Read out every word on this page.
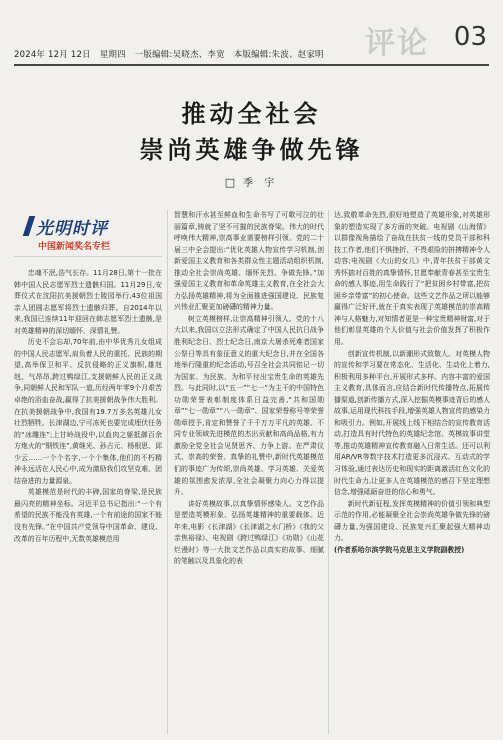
2024年 12月 12日 星期四 一版编辑:吴晓杰、李宽 本版编辑:朱波、赵家明 评论 03
推动全社会
崇尚英雄争做先锋
□ 季 宇
光明时评
中国新闻奖名专栏

忠魂不泯,浩气长存。11月28日,第十一批在韩中国人民志愿军烈士遗骸归国。11月29日,安葬仪式在沈阳抗美援朝烈士陵园举行,43位祖国亲人团圆志愿军将烈士遗骸归葬。自2014年以来,我国已连续11年迎回在韩志愿军烈士遗骸,是对英雄精神的深切缅怀、深情礼赞。

历史不会忘却,70年前,由中华优秀儿女组成的中国人民志愿军,肩负着人民的重托、民族的期望,高举保卫和平、反抗侵略的正义旗帜,雄赳赳、气昂昂,跨过鸭绿江,支援朝鲜人民的正义战争,同朝鲜人民和军队一道,历经两年零9个月艰苦卓绝的浴血奋战,赢得了抗美援朝战争伟大胜利。在抗美援朝战争中,我国有19.7万多名英雄儿女壮烈牺牲。长津湖边,宁可冻死也要完成埋伏任务的“冰雕连”;上甘岭战役中,以血肉之躯抵御百余方炮火的“钢铁连”,黄继光、孙占元、杨根思、邱少云……一个个名字,一个个集体,他们的不朽精神永远活在人民心中,成为激励我们攻坚克难、团结奋进的力量源泉。

英雄模范是时代的丰碑,国家的脊梁,是民族最闪亮的精神坐标。习近平总书记指出:“一个有希望的民族不能没有英雄,一个有前途的国家不能没有先锋。”在中国共产党领导中国革命、建设、改革的百年历程中,无数英雄模范用

智慧和汗水甚至鲜血和生命书写了可歌可泣的壮丽篇章,铸就了坚不可摧的民族脊梁。伟大的时代呼唤伟大精神,崇高事业需要榜样引领。党的二十届三中全会提出:“优化英雄人物宣传学习机制,创新爱国主义教育和各类群众性主题活动组织机制,推动全社会崇尚英雄、缅怀先烈、争做先锋。”加强爱国主义教育和革命英雄主义教育,在全社会大力弘扬英雄精神,将为全面推进强国建设、民族复兴伟业汇聚更加磅礴的精神力量。

树立英模榜样,让崇高精神引领人。党的十八大以来,我国以立法形式确定了中国人民抗日战争胜利纪念日、烈士纪念日,南京大屠杀死难者国家公祭日等具有象征意义的重大纪念日,并在全国各地举行隆重的纪念活动,号召全社会共同铭记一切为国家、为民族、为和平付出宝贵生命的英雄先烈。与此同时,以“五一”“七一”为主干的中国特色功勋荣誉表彰制度体系日益完善,“共和国勋章”“七一勋章”“八一勋章”、国家荣誉称号等荣誉勋章授予,肯定和赞誉了千千万万平凡的英雄、不同专业领域先进模范的杰出贡献和高尚品格,有力激励全党全社会见贤思齐、力争上游。在严肃仪式、崇高的荣誉、真挚的礼赞中,新时代英雄模范们的事迹广为传颂,崇尚英雄、学习英雄、关爱英雄的氛围愈发浓厚,全社会凝聚力向心力得以提升。

讲好英模故事,以真挚情怀感染人。文艺作品是塑造英模形象、弘扬英雄精神的重要载体。近年来,电影《长津湖》《长津湖之水门桥》《我的父亲焦裕禄》、电视剧《跨过鸭绿江》《功勋》《山花烂漫时》等一大批文艺作品以真实的故事、细腻的笔触以及具象化的表

达,致敬革命先烈,很好地塑造了英雄形象,对英雄形象的塑造实现了多方面的突破。电视剧《山海情》以群像视角描绘了奋战在扶贫一线的党员干部和科技工作者,他们不惧挫折、不畏艰险的拼搏精神令人动容;电视剧《大山的女儿》中,青年扶贫干部黄文秀怀揣对百姓的真挚情怀,甘愿奉献青春甚至宝贵生命的感人事迹,用生命践行了“把贫困乡村带富,把贫困乡亲带富”的初心使命。这些文艺作品之所以能够赢得广泛好评,就在于真实表现了英雄模范的崇高精神与人格魅力,对知情者更是一种宝贵精神财富,对于他们彰显英雄的个人价值与社会价值发挥了积极作用。

创新宣传机制,以新潮形式致敬人。对英模人物的宣传和学习要在常态化、生活化、生动化上着力,积极利用多种平台,开展形式多样、内容丰富的爱国主义教育,具体而言,应结合新时代传播特点,拓展传播渠道,创新传播方式,深入挖掘英模事迹背后的感人故事,运用现代科技手段,增强英雄人物宣传的感染力和吸引力。例如,开展线上线下相结合的宣传教育活动,打造具有时代特色的英雄纪念馆、英模故事讲堂等,推动英雄精神宣传教育融入日常生活。还可以利用AR/VR等数字技术打造更多沉浸式、互动式的学习体验,通过表达历史和现实的距离激活红色文化的时代生命力,让更多人在英雄模范的感召下坚定理想信念,增强砥砺奋进的信心和勇气。

新时代新征程,发挥英模精神的价值引领和典型示范的作用,必能凝聚全社会崇尚英雄争做先锋的磅礴力量,为强国建设、民族复兴汇聚起强大精神动力。

(作者系哈尔滨学院马克思主义学院副教授)
